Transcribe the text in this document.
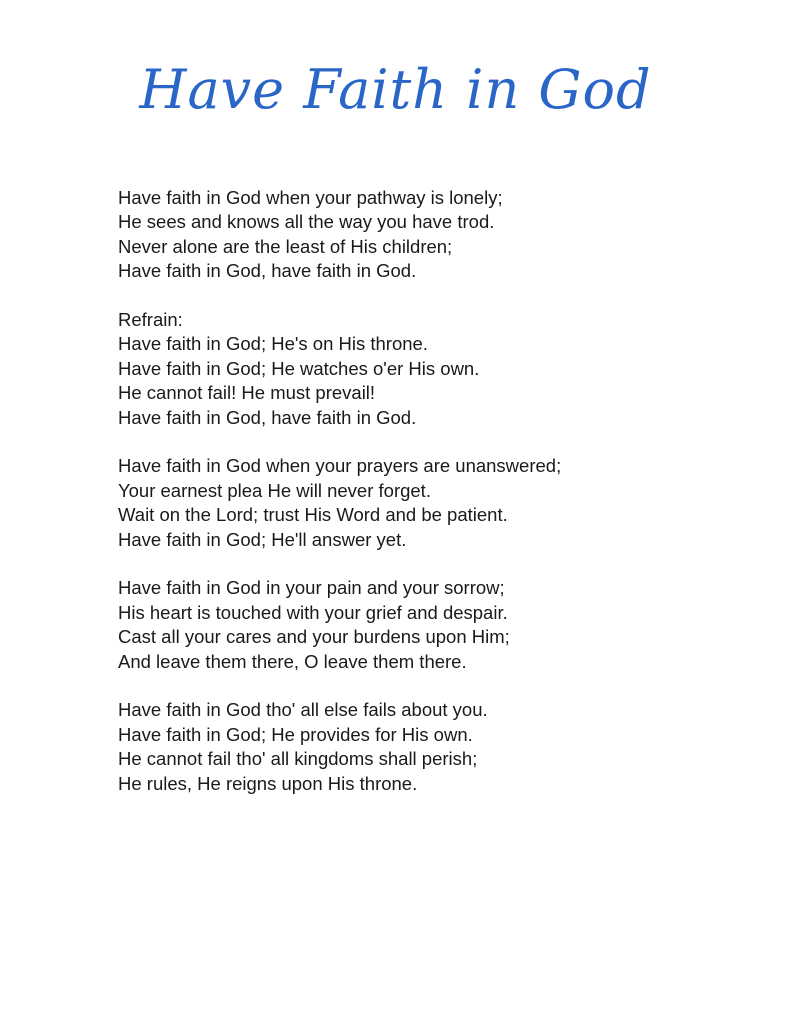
Have Faith in God
Have faith in God when your pathway is lonely;
He sees and knows all the way you have trod.
Never alone are the least of His children;
Have faith in God, have faith in God.
Refrain:
Have faith in God; He's on His throne.
Have faith in God; He watches o'er His own.
He cannot fail! He must prevail!
Have faith in God, have faith in God.
Have faith in God when your prayers are unanswered;
Your earnest plea He will never forget.
Wait on the Lord; trust His Word and be patient.
Have faith in God; He'll answer yet.
Have faith in God in your pain and your sorrow;
His heart is touched with your grief and despair.
Cast all your cares and your burdens upon Him;
And leave them there, O leave them there.
Have faith in God tho' all else fails about you.
Have faith in God; He provides for His own.
He cannot fail tho' all kingdoms shall perish;
He rules, He reigns upon His throne.
